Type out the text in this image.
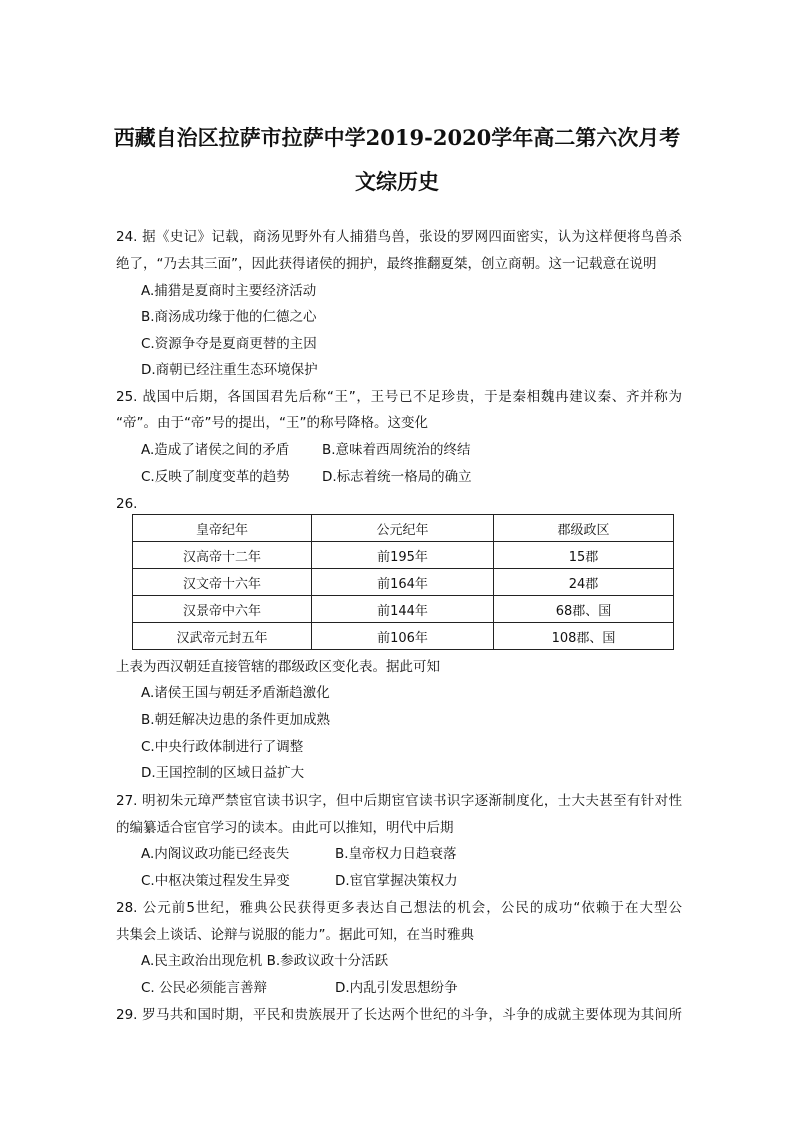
西藏自治区拉萨市拉萨中学2019-2020学年高二第六次月考
文综历史
24. 据《史记》记载，商汤见野外有人捕猎鸟兽，张设的罗网四面密实，认为这样便将鸟兽杀
绝了，“乃去其三面”，因此获得诸侯的拥护，最终推翻夏桀，创立商朝。这一记载意在说明
A.捕猎是夏商时主要经济活动
B.商汤成功缘于他的仁德之心
C.资源争夺是夏商更替的主因
D.商朝已经注重生态环境保护
25. 战国中后期，各国国君先后称“王”，王号已不足珍贵，于是秦相魏冉建议秦、齐并称为
“帝”。由于“帝”号的提出，“王”的称号降格。这变化
A.造成了诸侯之间的矛盾 B.意味着西周统治的终结
C.反映了制度变革的趋势 D.标志着统一格局的确立
26.
皇帝纪年	公元纪年	郡级政区
汉高帝十二年	前195年	15郡
汉文帝十六年	前164年	24郡
汉景帝中六年	前144年	68郡、国
汉武帝元封五年	前106年	108郡、国
上表为西汉朝廷直接管辖的郡级政区变化表。据此可知
A.诸侯王国与朝廷矛盾渐趋激化
B.朝廷解决边患的条件更加成熟
C.中央行政体制进行了调整
D.王国控制的区域日益扩大
27. 明初朱元璋严禁宦官读书识字，但中后期宦官读书识字逐渐制度化，士大夫甚至有针对性
的编纂适合宦官学习的读本。由此可以推知，明代中后期
A.内阁议政功能已经丧失	B.皇帝权力日趋衰落
C.中枢决策过程发生异变	D.宦官掌握决策权力
28. 公元前5世纪，雅典公民获得更多表达自己想法的机会，公民的成功“依赖于在大型公
共集会上谈话、论辩与说服的能力”。据此可知，在当时雅典
A.民主政治出现危机 B.参政议政十分活跃
C. 公民必须能言善辩	D.内乱引发思想纷争
29. 罗马共和国时期，平民和贵族展开了长达两个世纪的斗争，斗争的成就主要体现为其间所
